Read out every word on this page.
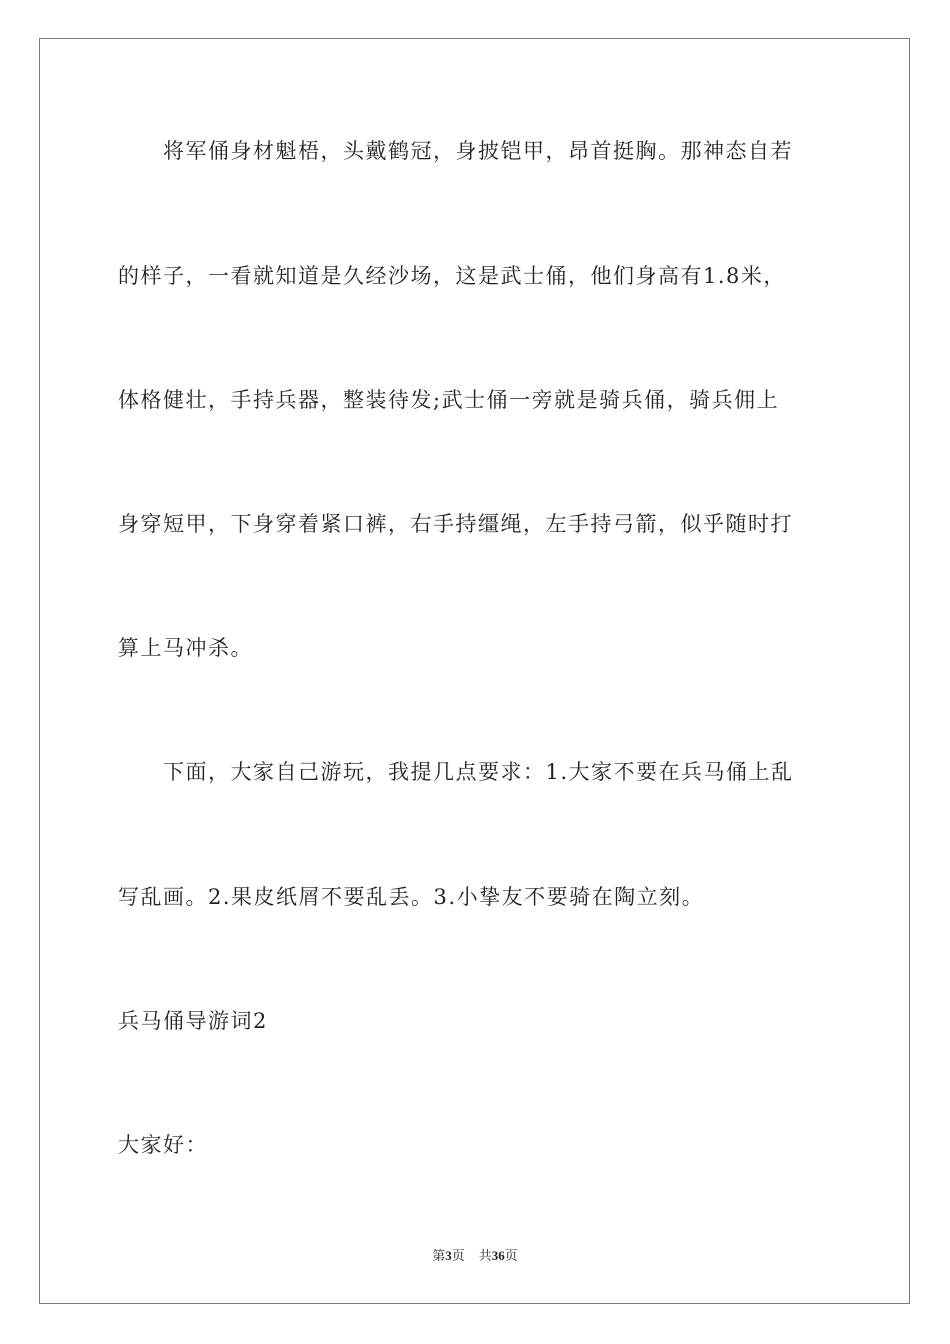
将军俑身材魁梧，头戴鹤冠，身披铠甲，昂首挺胸。那神态自若
的样子，一看就知道是久经沙场，这是武士俑，他们身高有1.8米，
体格健壮，手持兵器，整装待发;武士俑一旁就是骑兵俑，骑兵佣上
身穿短甲，下身穿着紧口裤，右手持缰绳，左手持弓箭，似乎随时打
算上马冲杀。
下面，大家自己游玩，我提几点要求：1.大家不要在兵马俑上乱
写乱画。2.果皮纸屑不要乱丢。3.小挚友不要骑在陶立刻。
兵马俑导游词2
大家好：
第3页 共36页
